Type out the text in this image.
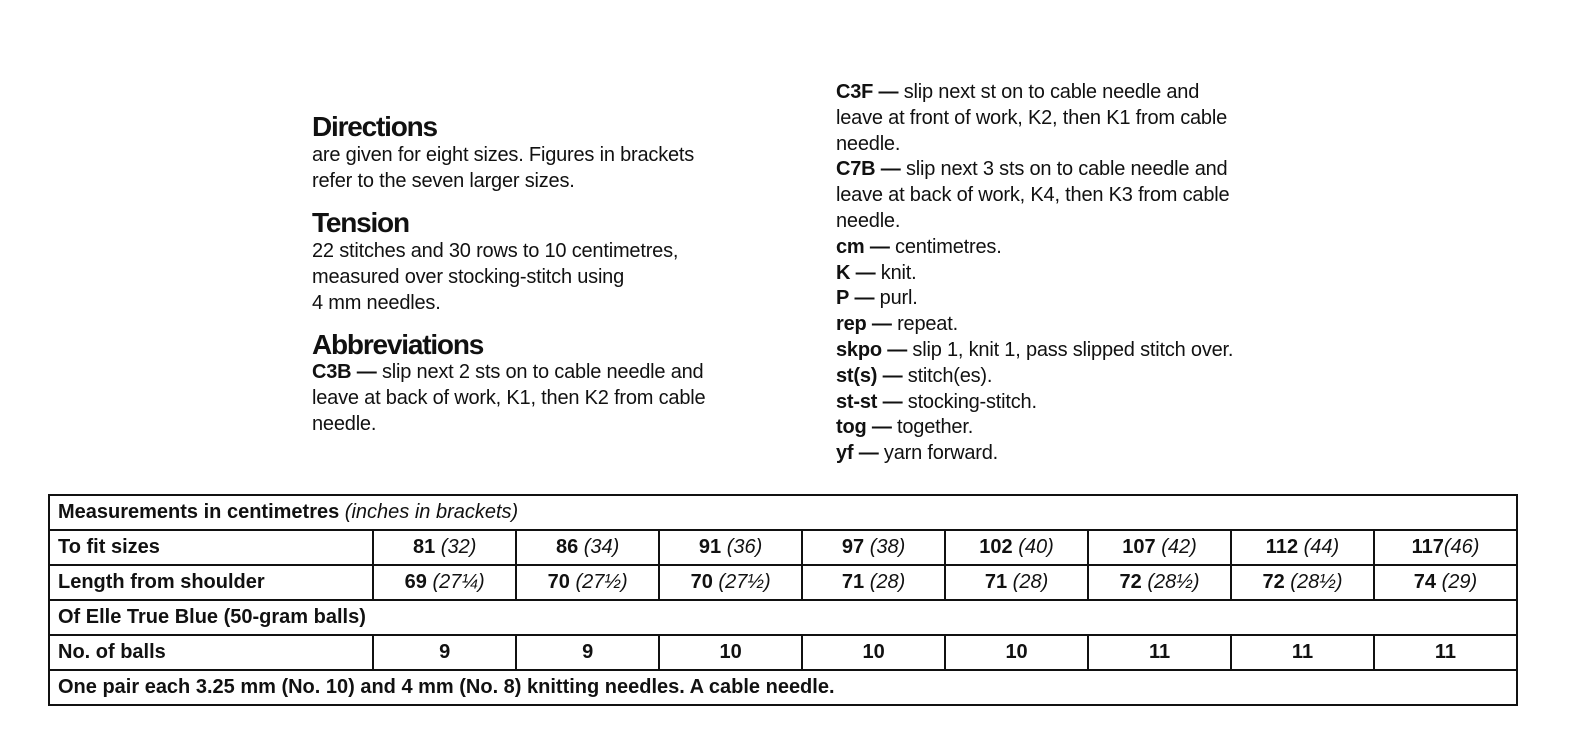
Directions

are given for eight sizes. Figures in brackets
refer to the seven larger sizes.

Tension

22 stitches and 30 rows to 10 centimetres,
measured over stocking-stitch using
4 mm needles.

Abbreviations
C3B — slip next 2 sts on to cable needle and
leave at back of work, K1, then K2 from cable
needle.
C3F — slip next st on to cable needle and
leave at front of work, K2, then K1 from cable
needle.
C7B — slip next 3 sts on to cable needle and
leave at back of work, K4, then K3 from cable
needle.
cm — centimetres.
K — knit.
P — purl.
rep — repeat.
skpo — slip 1, knit 1, pass slipped stitch over.
st(s) — stitch(es).
st-st — stocking-stitch.
tog — together.
yf — yarn forward.
Measurements in centimetres (inches in brackets)								
To fit sizes	81 (32)	86 (34)	91 (36)	97 (38)	102 (40)	107 (42)	112 (44)	117(46)
Length from shoulder	69 (27¼)	70 (27½)	70 (27½)	71 (28)	71 (28)	72 (28½)	72 (28½)	74 (29)
Of Elle True Blue (50-gram balls)								
No. of balls	9	9	10	10	10	11	11	11
One pair each 3.25 mm (No. 10) and 4 mm (No. 8) knitting needles. A cable needle.								
